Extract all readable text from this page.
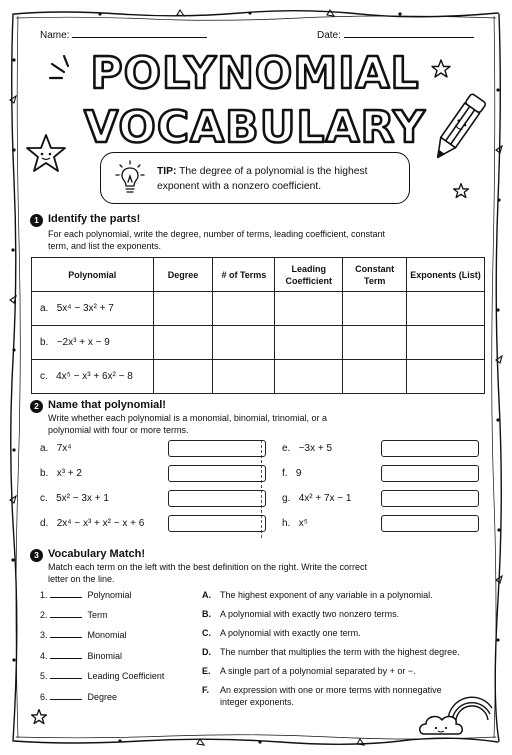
Name:	Date:
POLYNOMIAL
VOCABULARY
TIP: The degree of a polynomial is the highest exponent with a nonzero coefficient.
1 Identify the parts!
For each polynomial, write the degree, number of terms, leading coefficient, constant term, and list the exponents.
Polynomial	Degree	# of Terms	Leading Coefficient	Constant Term	Exponents (List)
a. 5x⁴ − 3x² + 7					
b. −2x³ + x − 9					
c. 4x⁵ − x³ + 6x² − 8					
2 Name that polynomial!
Write whether each polynomial is a monomial, binomial, trinomial, or a polynomial with four or more terms.
a. 7x⁴
b. x³ + 2
c. 5x² − 3x + 1
d. 2x⁴ − x³ + x² − x + 6
e. −3x + 5
f. 9
g. 4x² + 7x − 1
h. x⁵
3 Vocabulary Match!
Match each term on the left with the best definition on the right. Write the correct letter on the line.
1.	Polynomial
2.	Term
3.	Monomial
4.	Binomial
5.	Leading Coefficient
6.	Degree
A. The highest exponent of any variable in a polynomial.
B. A polynomial with exactly two nonzero terms.
C. A polynomial with exactly one term.
D. The number that multiplies the term with the highest degree.
E. A single part of a polynomial separated by + or −.
F. An expression with one or more terms with nonnegative integer exponents.
